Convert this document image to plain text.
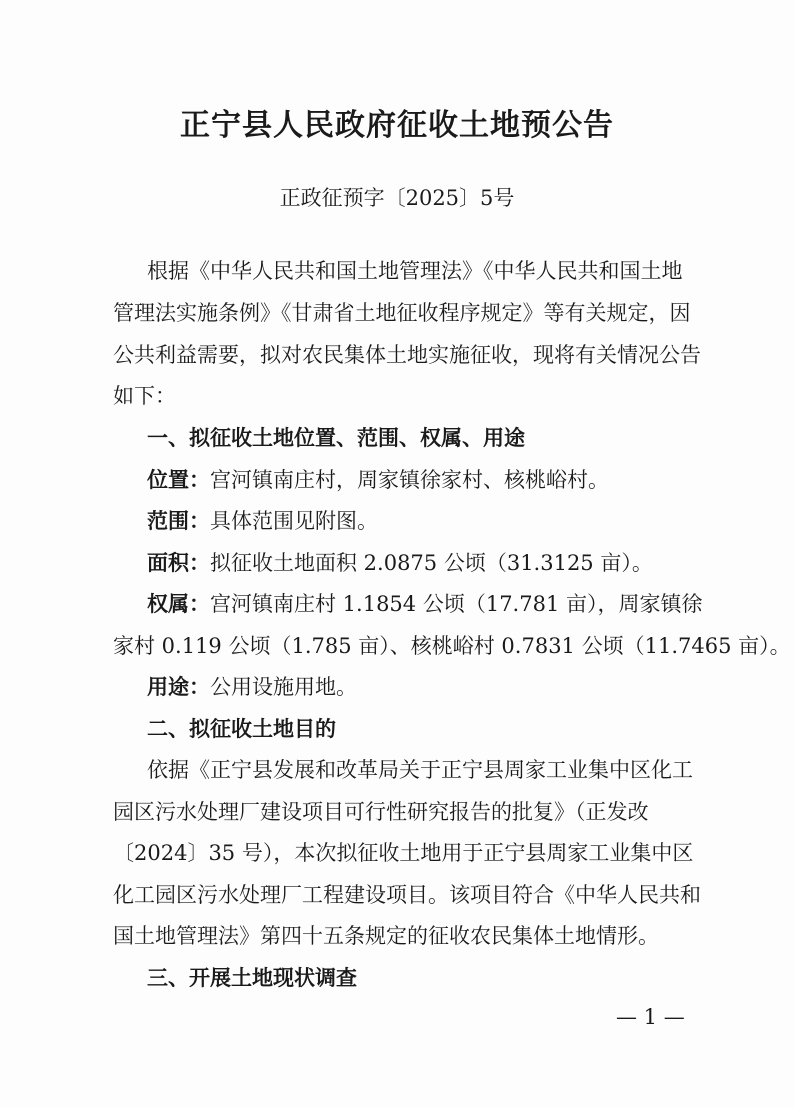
正宁县人民政府征收土地预公告
正政征预字〔2025〕5号
根据《中华人民共和国土地管理法》《中华人民共和国土地
管理法实施条例》《甘肃省土地征收程序规定》等有关规定，因
公共利益需要，拟对农民集体土地实施征收，现将有关情况公告
如下：
一、拟征收土地位置、范围、权属、用途
位置：宫河镇南庄村，周家镇徐家村、核桃峪村。
范围：具体范围见附图。
面积：拟征收土地面积 2.0875 公顷（31.3125 亩）。
权属：宫河镇南庄村 1.1854 公顷（17.781 亩），周家镇徐
家村 0.119 公顷（1.785 亩）、核桃峪村 0.7831 公顷（11.7465 亩）。
用途：公用设施用地。
二、拟征收土地目的
依据《正宁县发展和改革局关于正宁县周家工业集中区化工
园区污水处理厂建设项目可行性研究报告的批复》（正发改
〔2024〕35 号），本次拟征收土地用于正宁县周家工业集中区
化工园区污水处理厂工程建设项目。该项目符合《中华人民共和
国土地管理法》第四十五条规定的征收农民集体土地情形。
三、开展土地现状调查
— 1 —
